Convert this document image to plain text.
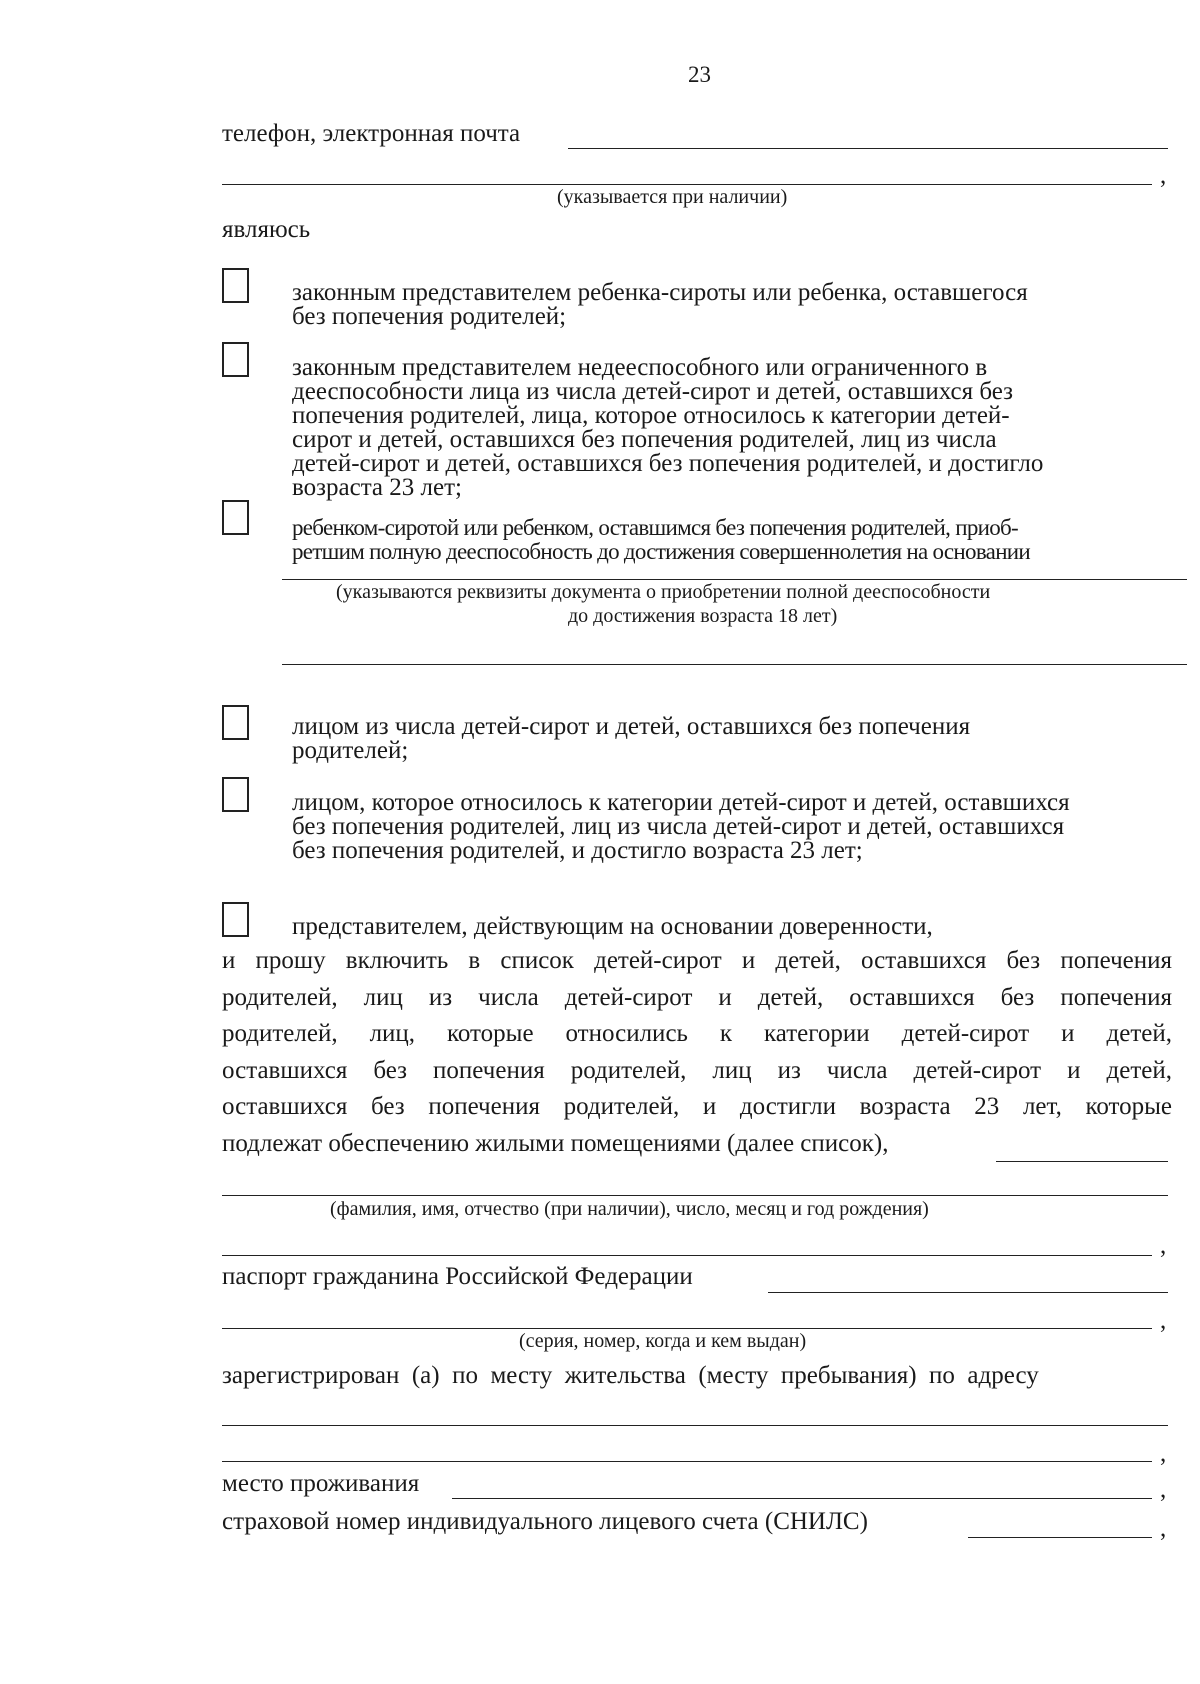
23
телефон, электронная почта
,
(указывается при наличии)
являюсь
законным представителем ребенка-сироты или ребенка, оставшегося
без попечения родителей;
законным представителем недееспособного или ограниченного в
дееспособности лица из числа детей-сирот и детей, оставшихся без
попечения родителей, лица, которое относилось к категории детей-
сирот и детей, оставшихся без попечения родителей, лиц из числа
детей-сирот и детей, оставшихся без попечения родителей, и достигло
возраста 23 лет;
ребенком-сиротой или ребенком, оставшимся без попечения родителей, приоб-
ретшим полную дееспособность до достижения совершеннолетия на основании
(указываются реквизиты документа о приобретении полной дееспособности
до достижения возраста 18 лет)
лицом из числа детей-сирот и детей, оставшихся без попечения
родителей;
лицом, которое относилось к категории детей-сирот и детей, оставшихся
без попечения родителей, лиц из числа детей-сирот и детей, оставшихся
без попечения родителей, и достигло возраста 23 лет;
представителем, действующим на основании доверенности,
и прошу включить в список детей-сирот и детей, оставшихся без попечения
родителей, лиц из числа детей-сирот и детей, оставшихся без попечения
родителей, лиц, которые относились к категории детей-сирот и детей,
оставшихся без попечения родителей, лиц из числа детей-сирот и детей,
оставшихся без попечения родителей, и достигли возраста 23 лет, которые
подлежат обеспечению жилыми помещениями (далее список),
(фамилия, имя, отчество (при наличии), число, месяц и год рождения)
,
паспорт гражданина Российской Федерации
,
(серия, номер, когда и кем выдан)
зарегистрирован  (а)  по  месту  жительства  (месту  пребывания)  по  адресу
,
место проживания	,
страховой номер индивидуального лицевого счета (СНИЛС)	,
